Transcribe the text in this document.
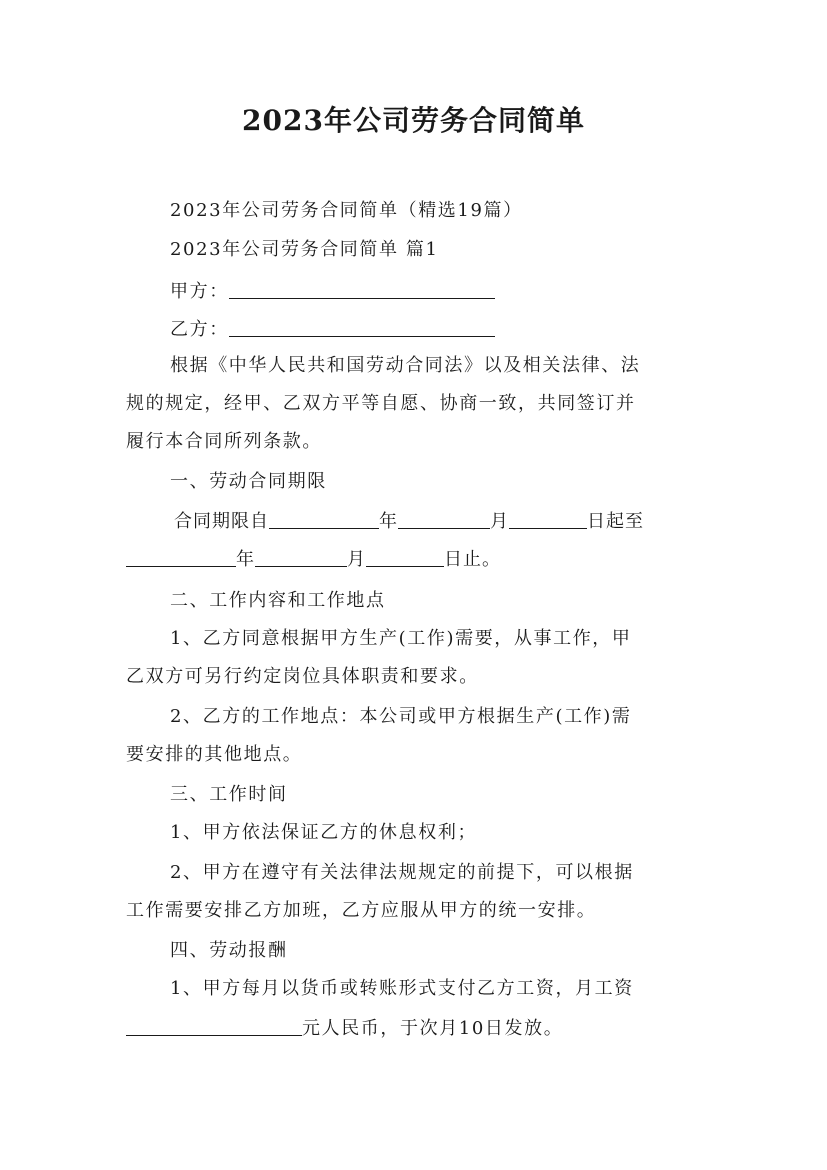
2023年公司劳务合同简单
2023年公司劳务合同简单（精选19篇）
2023年公司劳务合同简单 篇1
甲方：
乙方：
根据《中华人民共和国劳动合同法》以及相关法律、法
规的规定，经甲、乙双方平等自愿、协商一致，共同签订并
履行本合同所列条款。
一、劳动合同期限
合同期限自	年	月	日起至
年	月	日止。
二、工作内容和工作地点
1、乙方同意根据甲方生产(工作)需要，从事工作，甲
乙双方可另行约定岗位具体职责和要求。
2、乙方的工作地点：本公司或甲方根据生产(工作)需
要安排的其他地点。
三、工作时间
1、甲方依法保证乙方的休息权利；
2、甲方在遵守有关法律法规规定的前提下，可以根据
工作需要安排乙方加班，乙方应服从甲方的统一安排。
四、劳动报酬
1、甲方每月以货币或转账形式支付乙方工资，月工资
元人民币，于次月10日发放。
